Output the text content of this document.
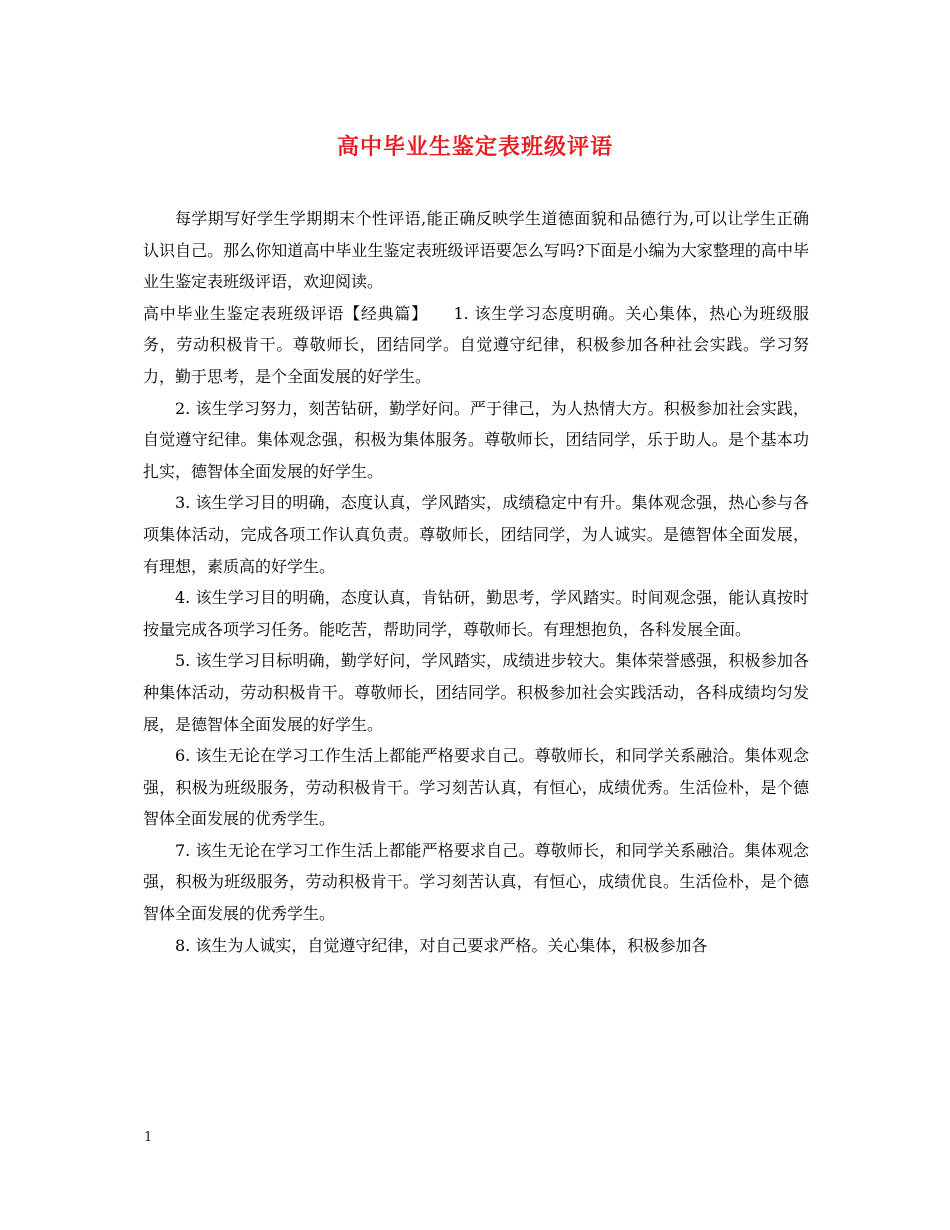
高中毕业生鉴定表班级评语

每学期写好学生学期期末个性评语,能正确反映学生道德面貌和品德行为,可以让学生正确认识自己。那么你知道高中毕业生鉴定表班级评语要怎么写吗?下面是小编为大家整理的高中毕业生鉴定表班级评语，欢迎阅读。

高中毕业生鉴定表班级评语【经典篇】　　1. 该生学习态度明确。关心集体，热心为班级服务，劳动积极肯干。尊敬师长，团结同学。自觉遵守纪律，积极参加各种社会实践。学习努力，勤于思考，是个全面发展的好学生。

2. 该生学习努力，刻苦钻研，勤学好问。严于律己，为人热情大方。积极参加社会实践，自觉遵守纪律。集体观念强，积极为集体服务。尊敬师长，团结同学，乐于助人。是个基本功扎实，德智体全面发展的好学生。

3. 该生学习目的明确，态度认真，学风踏实，成绩稳定中有升。集体观念强，热心参与各项集体活动，完成各项工作认真负责。尊敬师长，团结同学，为人诚实。是德智体全面发展，有理想，素质高的好学生。

4. 该生学习目的明确，态度认真，肯钻研，勤思考，学风踏实。时间观念强，能认真按时按量完成各项学习任务。能吃苦，帮助同学，尊敬师长。有理想抱负，各科发展全面。

5. 该生学习目标明确，勤学好问，学风踏实，成绩进步较大。集体荣誉感强，积极参加各种集体活动，劳动积极肯干。尊敬师长，团结同学。积极参加社会实践活动，各科成绩均匀发展，是德智体全面发展的好学生。

6. 该生无论在学习工作生活上都能严格要求自己。尊敬师长，和同学关系融洽。集体观念强，积极为班级服务，劳动积极肯干。学习刻苦认真，有恒心，成绩优秀。生活俭朴，是个德智体全面发展的优秀学生。

7. 该生无论在学习工作生活上都能严格要求自己。尊敬师长，和同学关系融洽。集体观念强，积极为班级服务，劳动积极肯干。学习刻苦认真，有恒心，成绩优良。生活俭朴，是个德智体全面发展的优秀学生。

8. 该生为人诚实，自觉遵守纪律，对自己要求严格。关心集体，积极参加各

1
